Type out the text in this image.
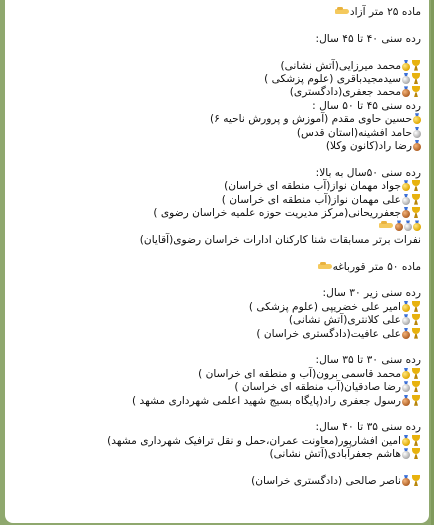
ماده ۲۵ متر آزاد
رده سنی ۴۰ تا ۴۵ سال:
محمد میرزایی(آتش نشانی)
سیدمجیدباقری (علوم پزشکی )
محمد جعفری(دادگستری)
رده سنی ۴۵ تا ۵۰ سال :
حسین حاوی مقدم (آموزش و پرورش ناحیه ۶)
حامد افشینه(استان قدس)
رضا راد(کانون وکلا)
رده سنی ۵۰سال به بالا:
جواد مهمان نواز(آب منطقه ای خراسان)
علی مهمان نواز(آب منطقه ای خراسان )
جعفرریحانی(مرکز مدیریت حوزه علمیه خراسان رضوی )
نفرات برتر مسابقات شنا کارکنان ادارات خراسان رضوی(آقایان)
ماده ۵۰ متر قورباغه
رده سنی زیر ۳۰ سال:
امیر علی خضریپی (علوم پزشکی )
علی کلانتری(آتش نشانی)
علی عافیت(دادگستری خراسان )
رده سنی ۳۰ تا ۳۵ سال:
محمد قاسمی برون(آب و منطقه ای خراسان )
رضا صادقیان(آب منطقه ای خراسان )
رسول جعفری راد(پایگاه بسیج شهید اعلمی شهرداری مشهد )
رده سنی ۳۵ تا ۴۰ سال:
امین افشارپور(معاونت عمران،حمل و نقل ترافیک شهرداری مشهد)
هاشم جعفرآبادی(آتش نشانی)
ناصر صالحی (دادگستری خراسان)
